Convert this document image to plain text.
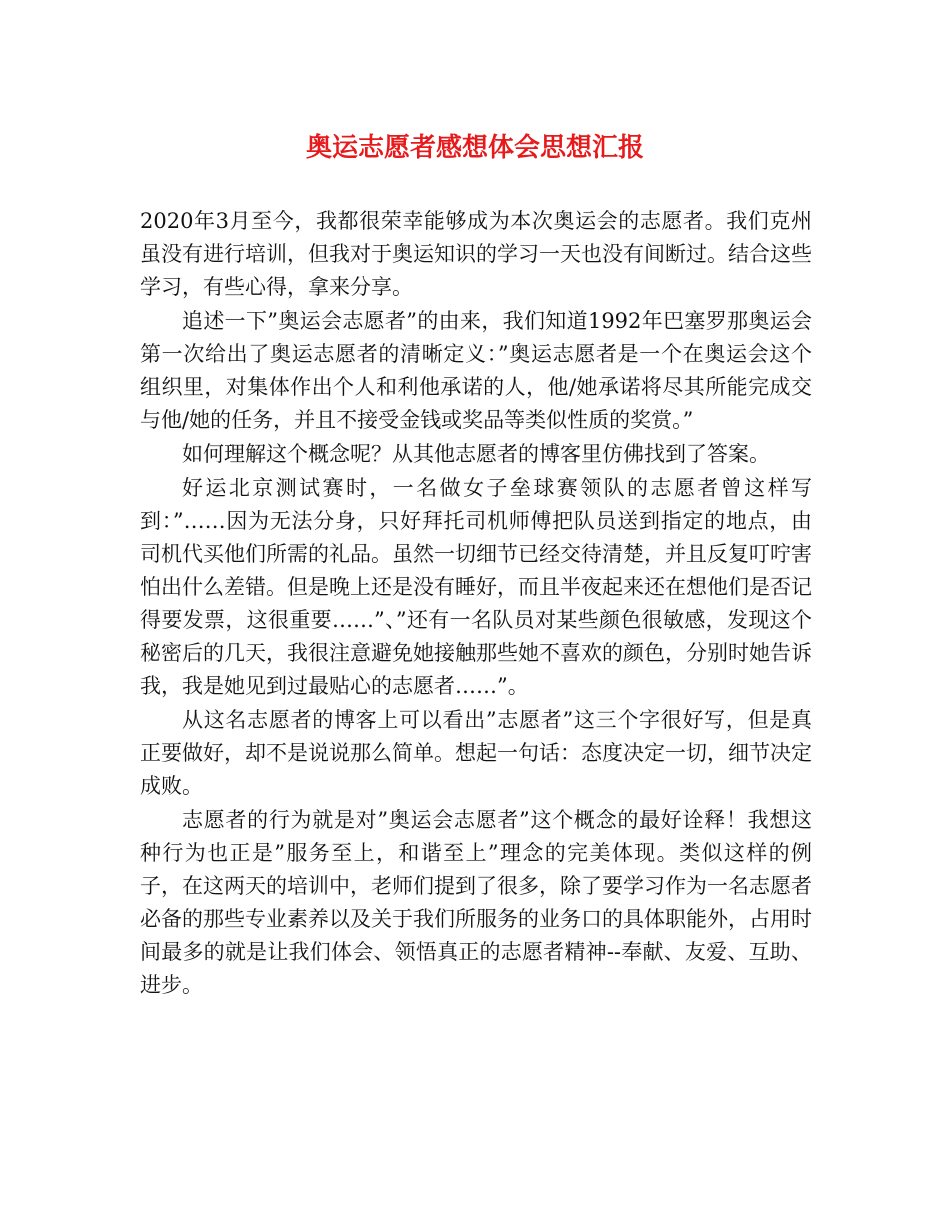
奥运志愿者感想体会思想汇报

2020年3月至今，我都很荣幸能够成为本次奥运会的志愿者。我们克州虽没有进行培训，但我对于奥运知识的学习一天也没有间断过。结合这些学习，有些心得，拿来分享。

追述一下”奥运会志愿者”的由来，我们知道1992年巴塞罗那奥运会第一次给出了奥运志愿者的清晰定义：”奥运志愿者是一个在奥运会这个组织里，对集体作出个人和利他承诺的人，他/她承诺将尽其所能完成交与他/她的任务，并且不接受金钱或奖品等类似性质的奖赏。”

如何理解这个概念呢？从其他志愿者的博客里仿佛找到了答案。

好运北京测试赛时，一名做女子垒球赛领队的志愿者曾这样写到：”……因为无法分身，只好拜托司机师傅把队员送到指定的地点，由司机代买他们所需的礼品。虽然一切细节已经交待清楚，并且反复叮咛害怕出什么差错。但是晚上还是没有睡好，而且半夜起来还在想他们是否记得要发票，这很重要……”、”还有一名队员对某些颜色很敏感，发现这个秘密后的几天，我很注意避免她接触那些她不喜欢的颜色，分别时她告诉我，我是她见到过最贴心的志愿者……”。

从这名志愿者的博客上可以看出”志愿者”这三个字很好写，但是真正要做好，却不是说说那么简单。想起一句话：态度决定一切，细节决定成败。

志愿者的行为就是对”奥运会志愿者”这个概念的最好诠释！我想这种行为也正是”服务至上，和谐至上”理念的完美体现。类似这样的例子，在这两天的培训中，老师们提到了很多，除了要学习作为一名志愿者必备的那些专业素养以及关于我们所服务的业务口的具体职能外，占用时间最多的就是让我们体会、领悟真正的志愿者精神--奉献、友爱、互助、进步。
